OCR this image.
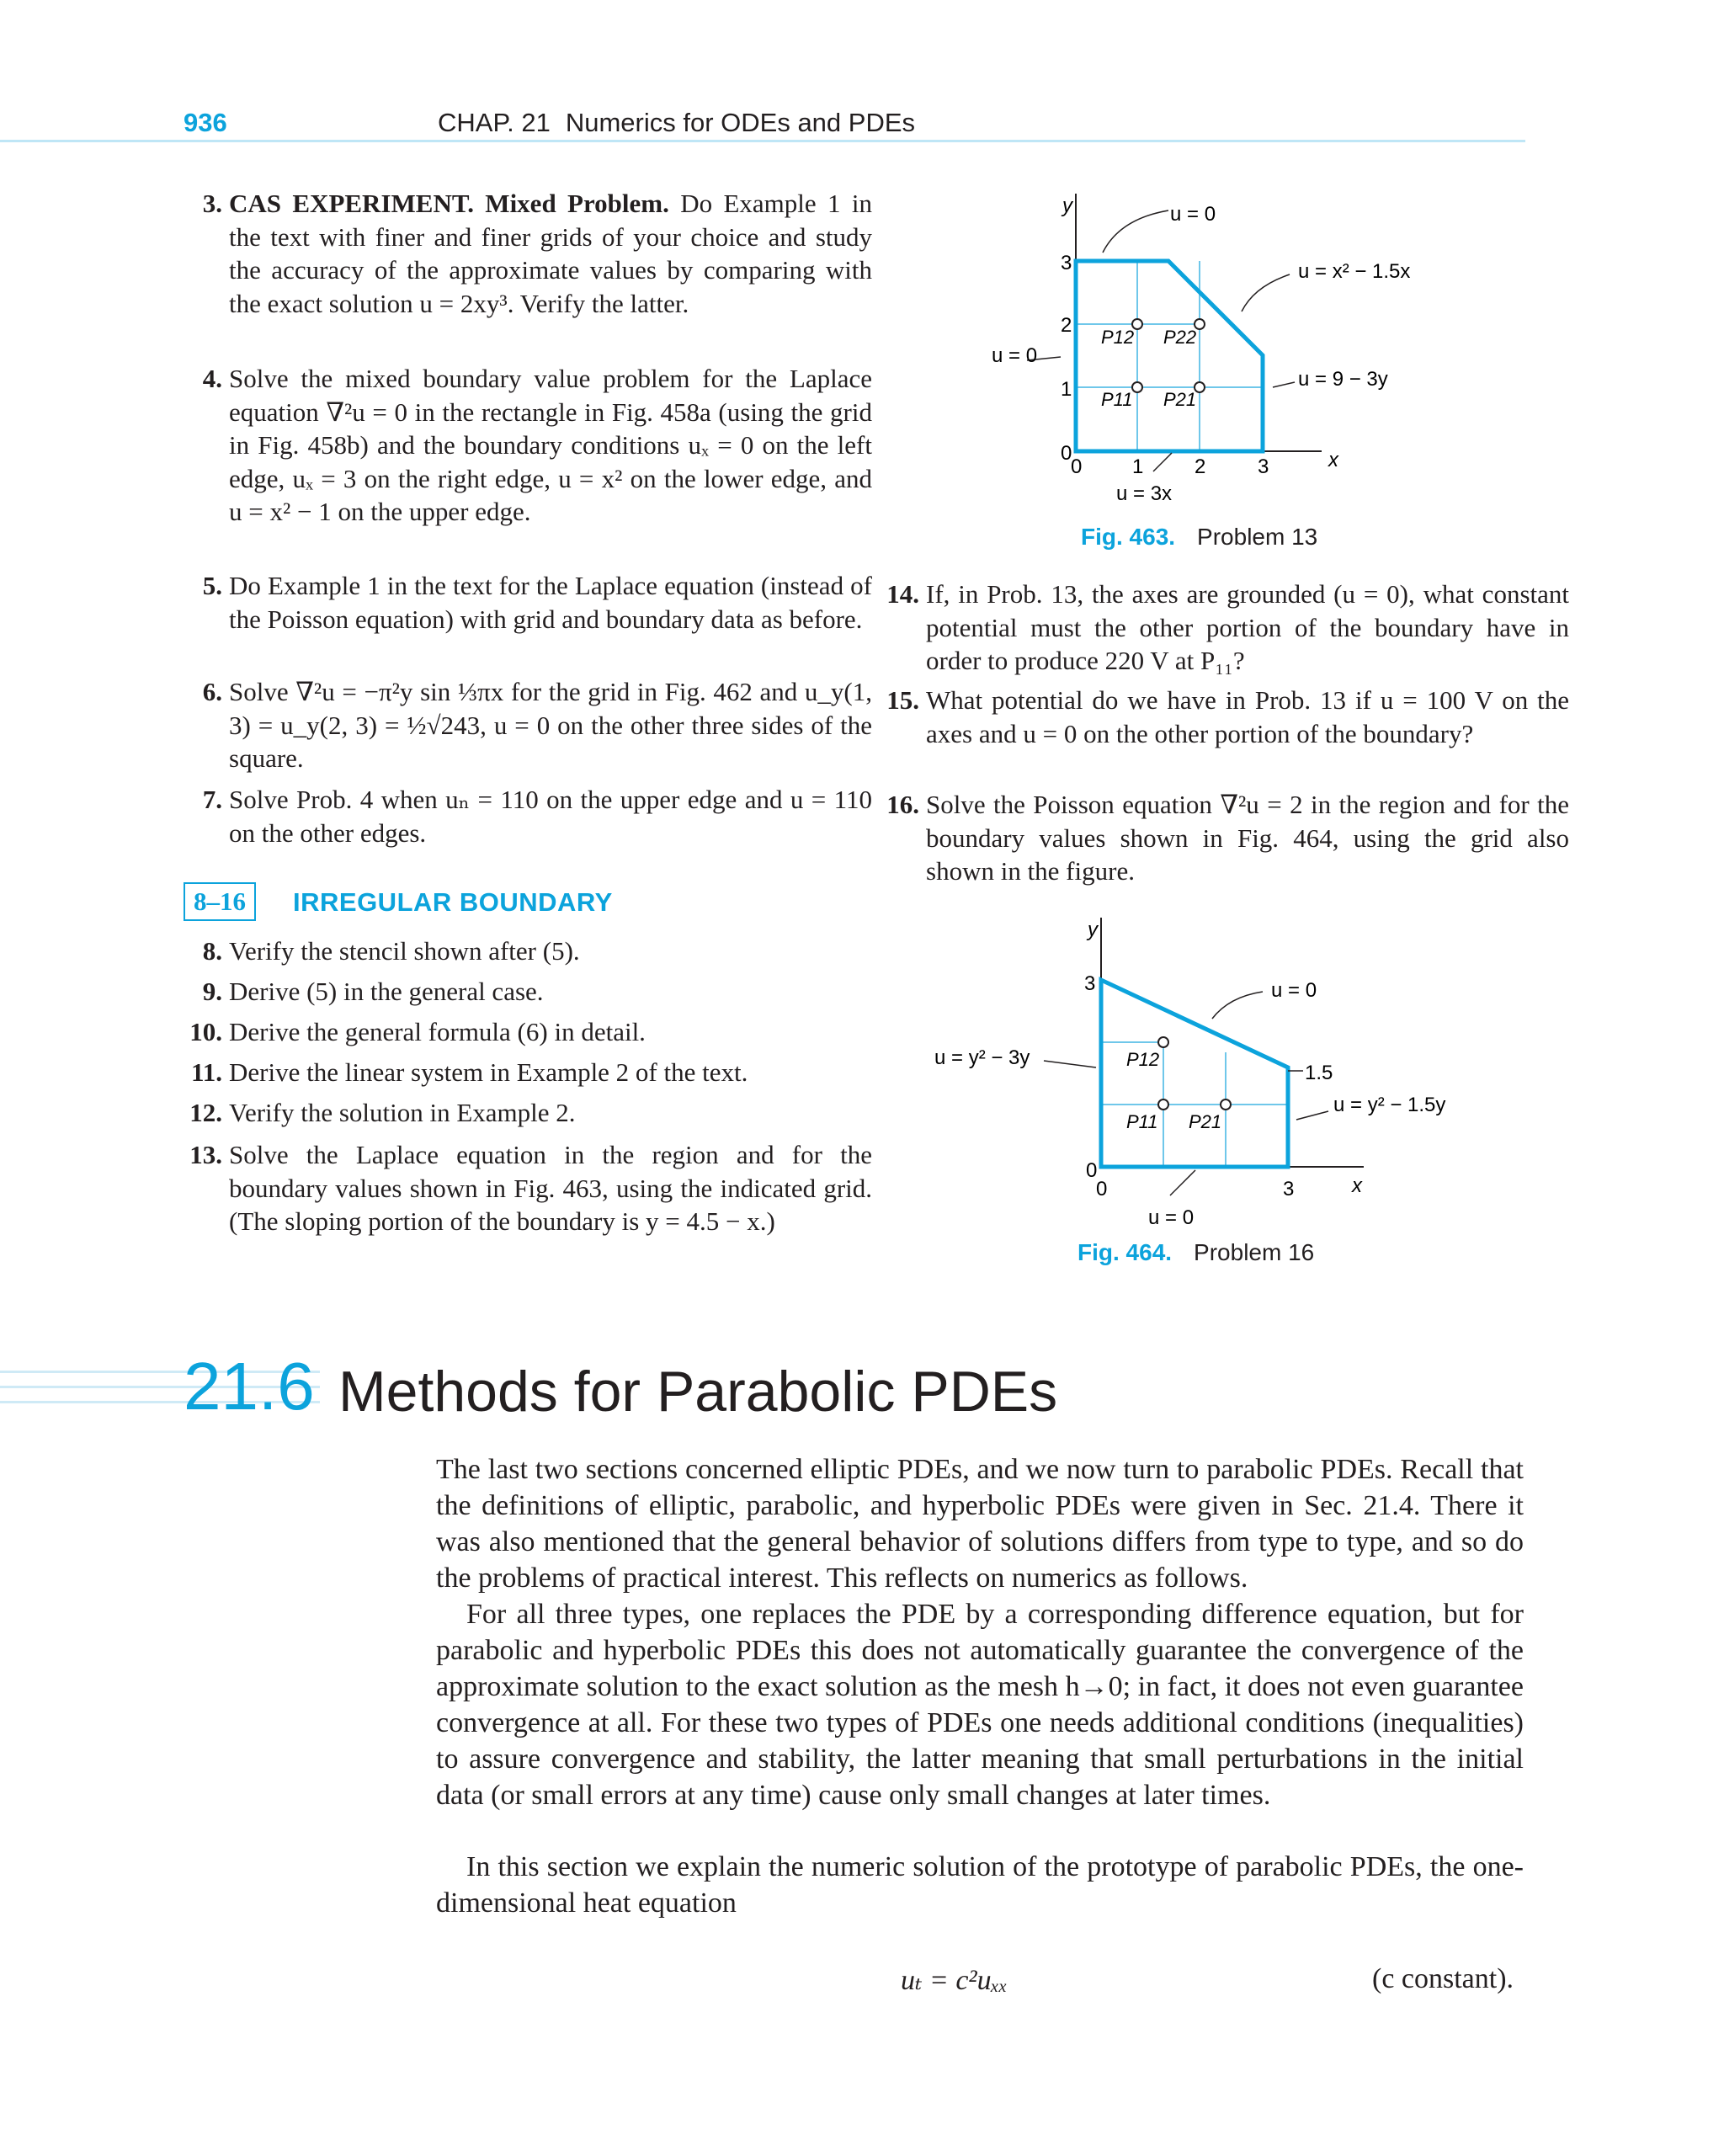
936	CHAP. 21 Numerics for ODEs and PDEs
3. CAS EXPERIMENT. Mixed Problem. Do Example 1 in the text with finer and finer grids of your choice and study the accuracy of the approximate values by comparing with the exact solution u = 2xy³. Verify the latter.
4. Solve the mixed boundary value problem for the Laplace equation ∇²u = 0 in the rectangle in Fig. 458a (using the grid in Fig. 458b) and the boundary conditions uₓ = 0 on the left edge, uₓ = 3 on the right edge, u = x² on the lower edge, and u = x² − 1 on the upper edge.
5. Do Example 1 in the text for the Laplace equation (instead of the Poisson equation) with grid and boundary data as before.
6. Solve ∇²u = −π²y sin ⅓πx for the grid in Fig. 462 and u_y(1, 3) = u_y(2, 3) = ½√243, u = 0 on the other three sides of the square.
7. Solve Prob. 4 when uₙ = 110 on the upper edge and u = 110 on the other edges.
8–16	IRREGULAR BOUNDARY
8. Verify the stencil shown after (5).
9. Derive (5) in the general case.
10. Derive the general formula (6) in detail.
11. Derive the linear system in Example 2 of the text.
12. Verify the solution in Example 2.
13. Solve the Laplace equation in the region and for the boundary values shown in Fig. 463, using the indicated grid. (The sloping portion of the boundary is y = 4.5 − x.)
y
x
u = 0
u = x² − 1.5x
u = 0
u = 9 − 3y
u = 3x
0
1
2
3
0 1	2	3
P12 P22
P11 P21
Fig. 463. Problem 13
14. If, in Prob. 13, the axes are grounded (u = 0), what constant potential must the other portion of the boundary have in order to produce 220 V at P₁₁?
15. What potential do we have in Prob. 13 if u = 100 V on the axes and u = 0 on the other portion of the boundary?
16. Solve the Poisson equation ∇²u = 2 in the region and for the boundary values shown in Fig. 464, using the grid also shown in the figure.
y
x
u = 0
u = y² − 3y
u = y² − 1.5y
u = 0
0
3
1.5
0	3
P12
P11 P21
Fig. 464. Problem 16
21.6 Methods for Parabolic PDEs
The last two sections concerned elliptic PDEs, and we now turn to parabolic PDEs. Recall that the definitions of elliptic, parabolic, and hyperbolic PDEs were given in Sec. 21.4. There it was also mentioned that the general behavior of solutions differs from type to type, and so do the problems of practical interest. This reflects on numerics as follows.
For all three types, one replaces the PDE by a corresponding difference equation, but for parabolic and hyperbolic PDEs this does not automatically guarantee the convergence of the approximate solution to the exact solution as the mesh h→0; in fact, it does not even guarantee convergence at all. For these two types of PDEs one needs additional conditions (inequalities) to assure convergence and stability, the latter meaning that small perturbations in the initial data (or small errors at any time) cause only small changes at later times.
In this section we explain the numeric solution of the prototype of parabolic PDEs, the one-dimensional heat equation
uₜ = c²uₓₓ	(c constant).
